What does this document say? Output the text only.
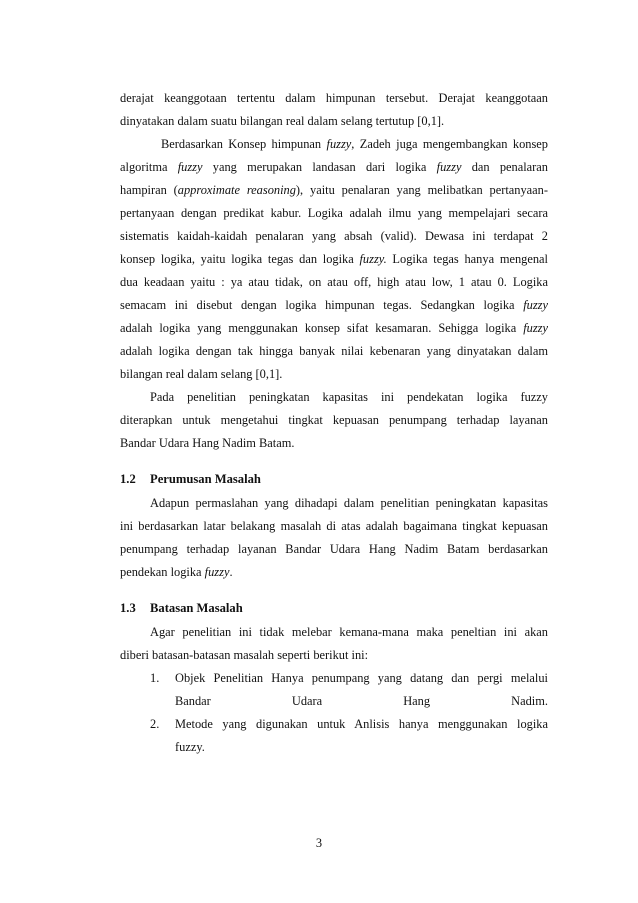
derajat keanggotaan tertentu dalam himpunan tersebut. Derajat keanggotaan
dinyatakan dalam suatu bilangan real dalam selang tertutup [0,1].
Berdasarkan Konsep himpunan fuzzy, Zadeh juga mengembangkan konsep
algoritma fuzzy yang merupakan landasan dari logika fuzzy dan penalaran
hampiran (approximate reasoning), yaitu penalaran yang melibatkan pertanyaan-
pertanyaan dengan predikat kabur. Logika adalah ilmu yang mempelajari secara
sistematis kaidah-kaidah penalaran yang absah (valid). Dewasa ini terdapat 2
konsep logika, yaitu logika tegas dan logika fuzzy. Logika tegas hanya mengenal
dua keadaan yaitu : ya atau tidak, on atau off, high atau low, 1 atau 0. Logika
semacam ini disebut dengan logika himpunan tegas. Sedangkan logika fuzzy
adalah logika yang menggunakan konsep sifat kesamaran. Sehigga logika fuzzy
adalah logika dengan tak hingga banyak nilai kebenaran yang dinyatakan dalam
bilangan real dalam selang [0,1].
Pada penelitian peningkatan kapasitas ini pendekatan logika fuzzy
diterapkan untuk mengetahui tingkat kepuasan penumpang terhadap layanan
Bandar Udara Hang Nadim Batam.
1.2 Perumusan Masalah
Adapun permaslahan yang dihadapi dalam penelitian peningkatan kapasitas
ini berdasarkan latar belakang masalah di atas adalah bagaimana tingkat kepuasan
penumpang terhadap layanan Bandar Udara Hang Nadim Batam berdasarkan
pendekan logika fuzzy.
1.3 Batasan Masalah
Agar penelitian ini tidak melebar kemana-mana maka peneltian ini akan
diberi batasan-batasan masalah seperti berikut ini:
1. Objek Penelitian Hanya penumpang yang datang dan pergi melalui
Bandar Udara Hang Nadim.
2. Metode yang digunakan untuk Anlisis hanya menggunakan logika
fuzzy.
3
